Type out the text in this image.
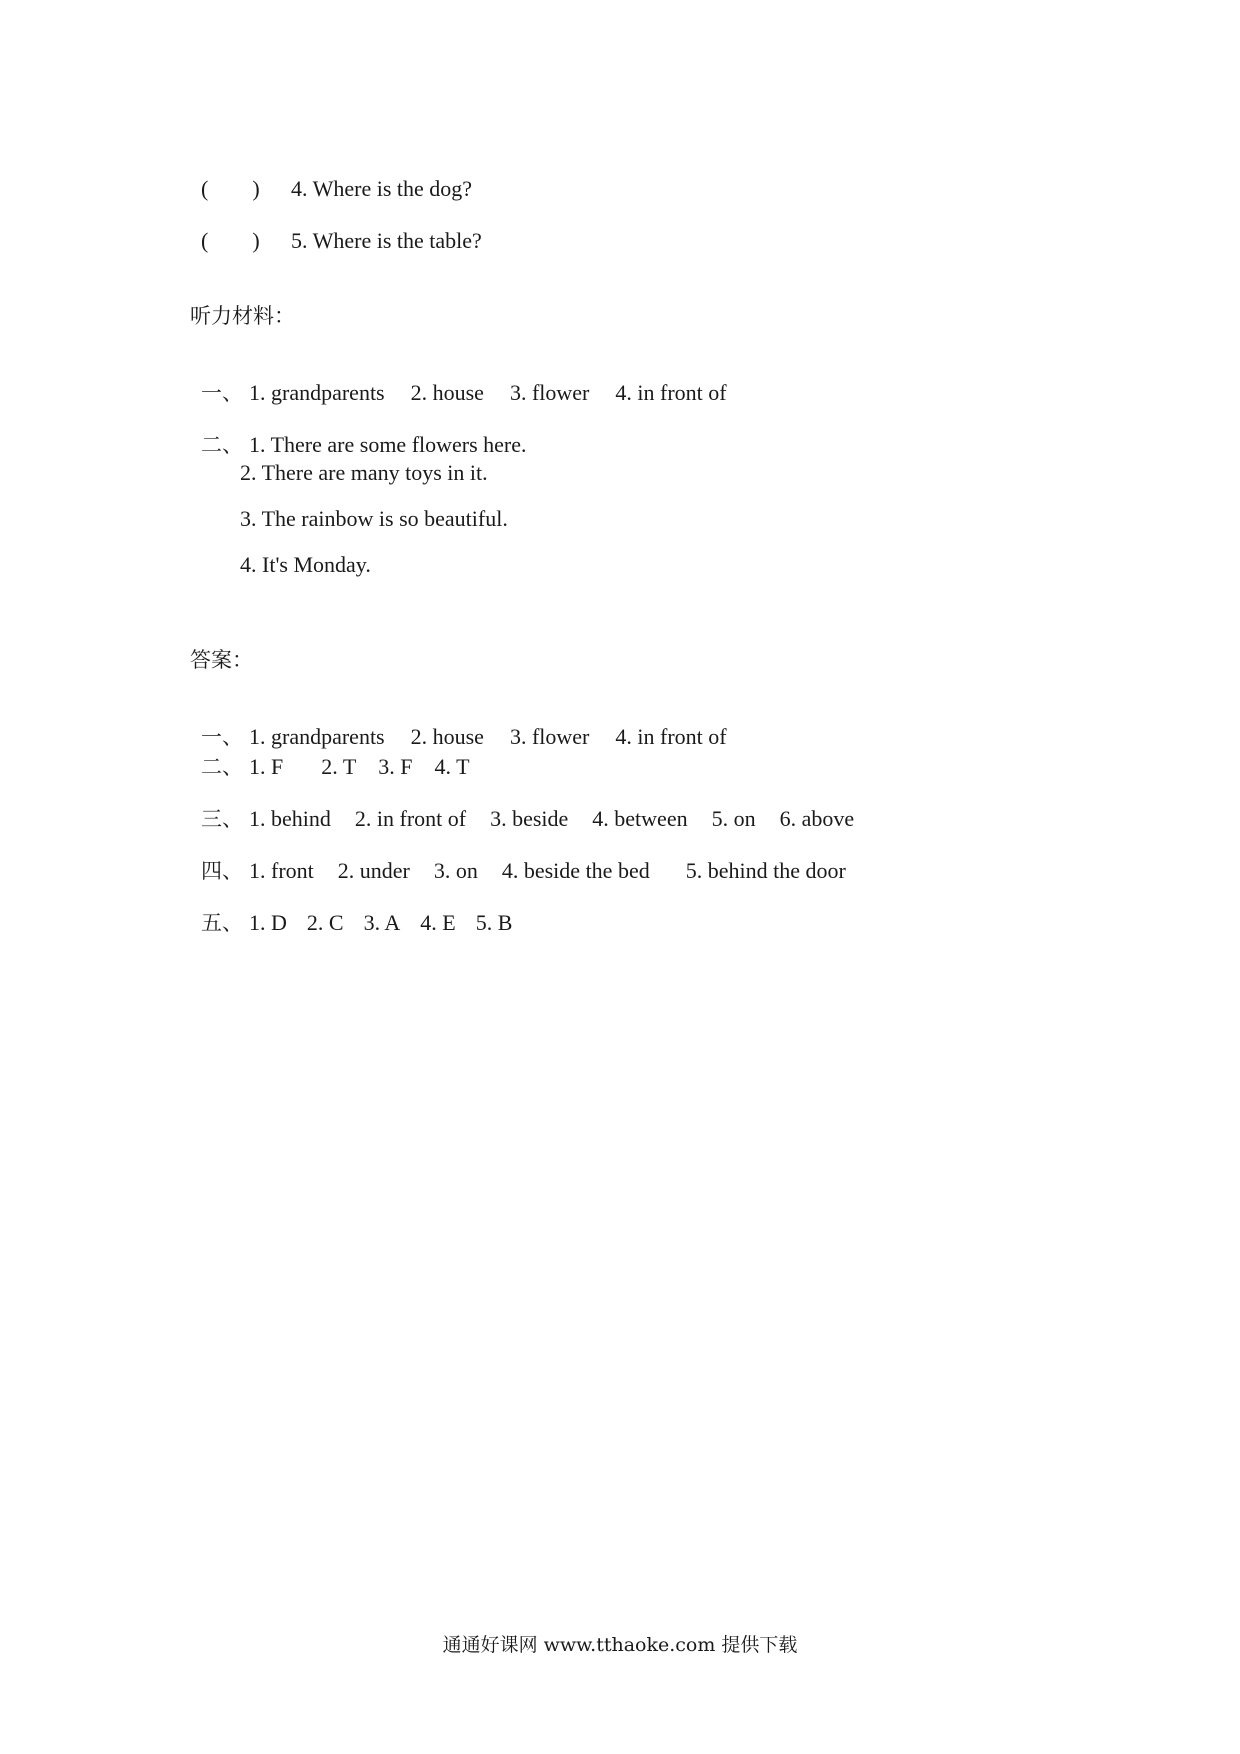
(        ) 4. Where is the dog?

(        ) 5. Where is the table?

听力材料：

一、 1. grandparents 2. house 3. flower 4. in front of

二、 1. There are some flowers here.

2. There are many toys in it.
3. The rainbow is so beautiful.
4. It's Monday.
答案：

一、 1. grandparents 2. house 3. flower 4. in front of

二、 1. F 2. T 3. F 4. T

三、 1. behind 2. in front of 3. beside 4. between 5. on 6. above

四、 1. front 2. under 3. on 4. beside the bed 5. behind the door

五、 1. D 2. C 3. A 4. E 5. B

通通好课网 www.tthaoke.com 提供下载
